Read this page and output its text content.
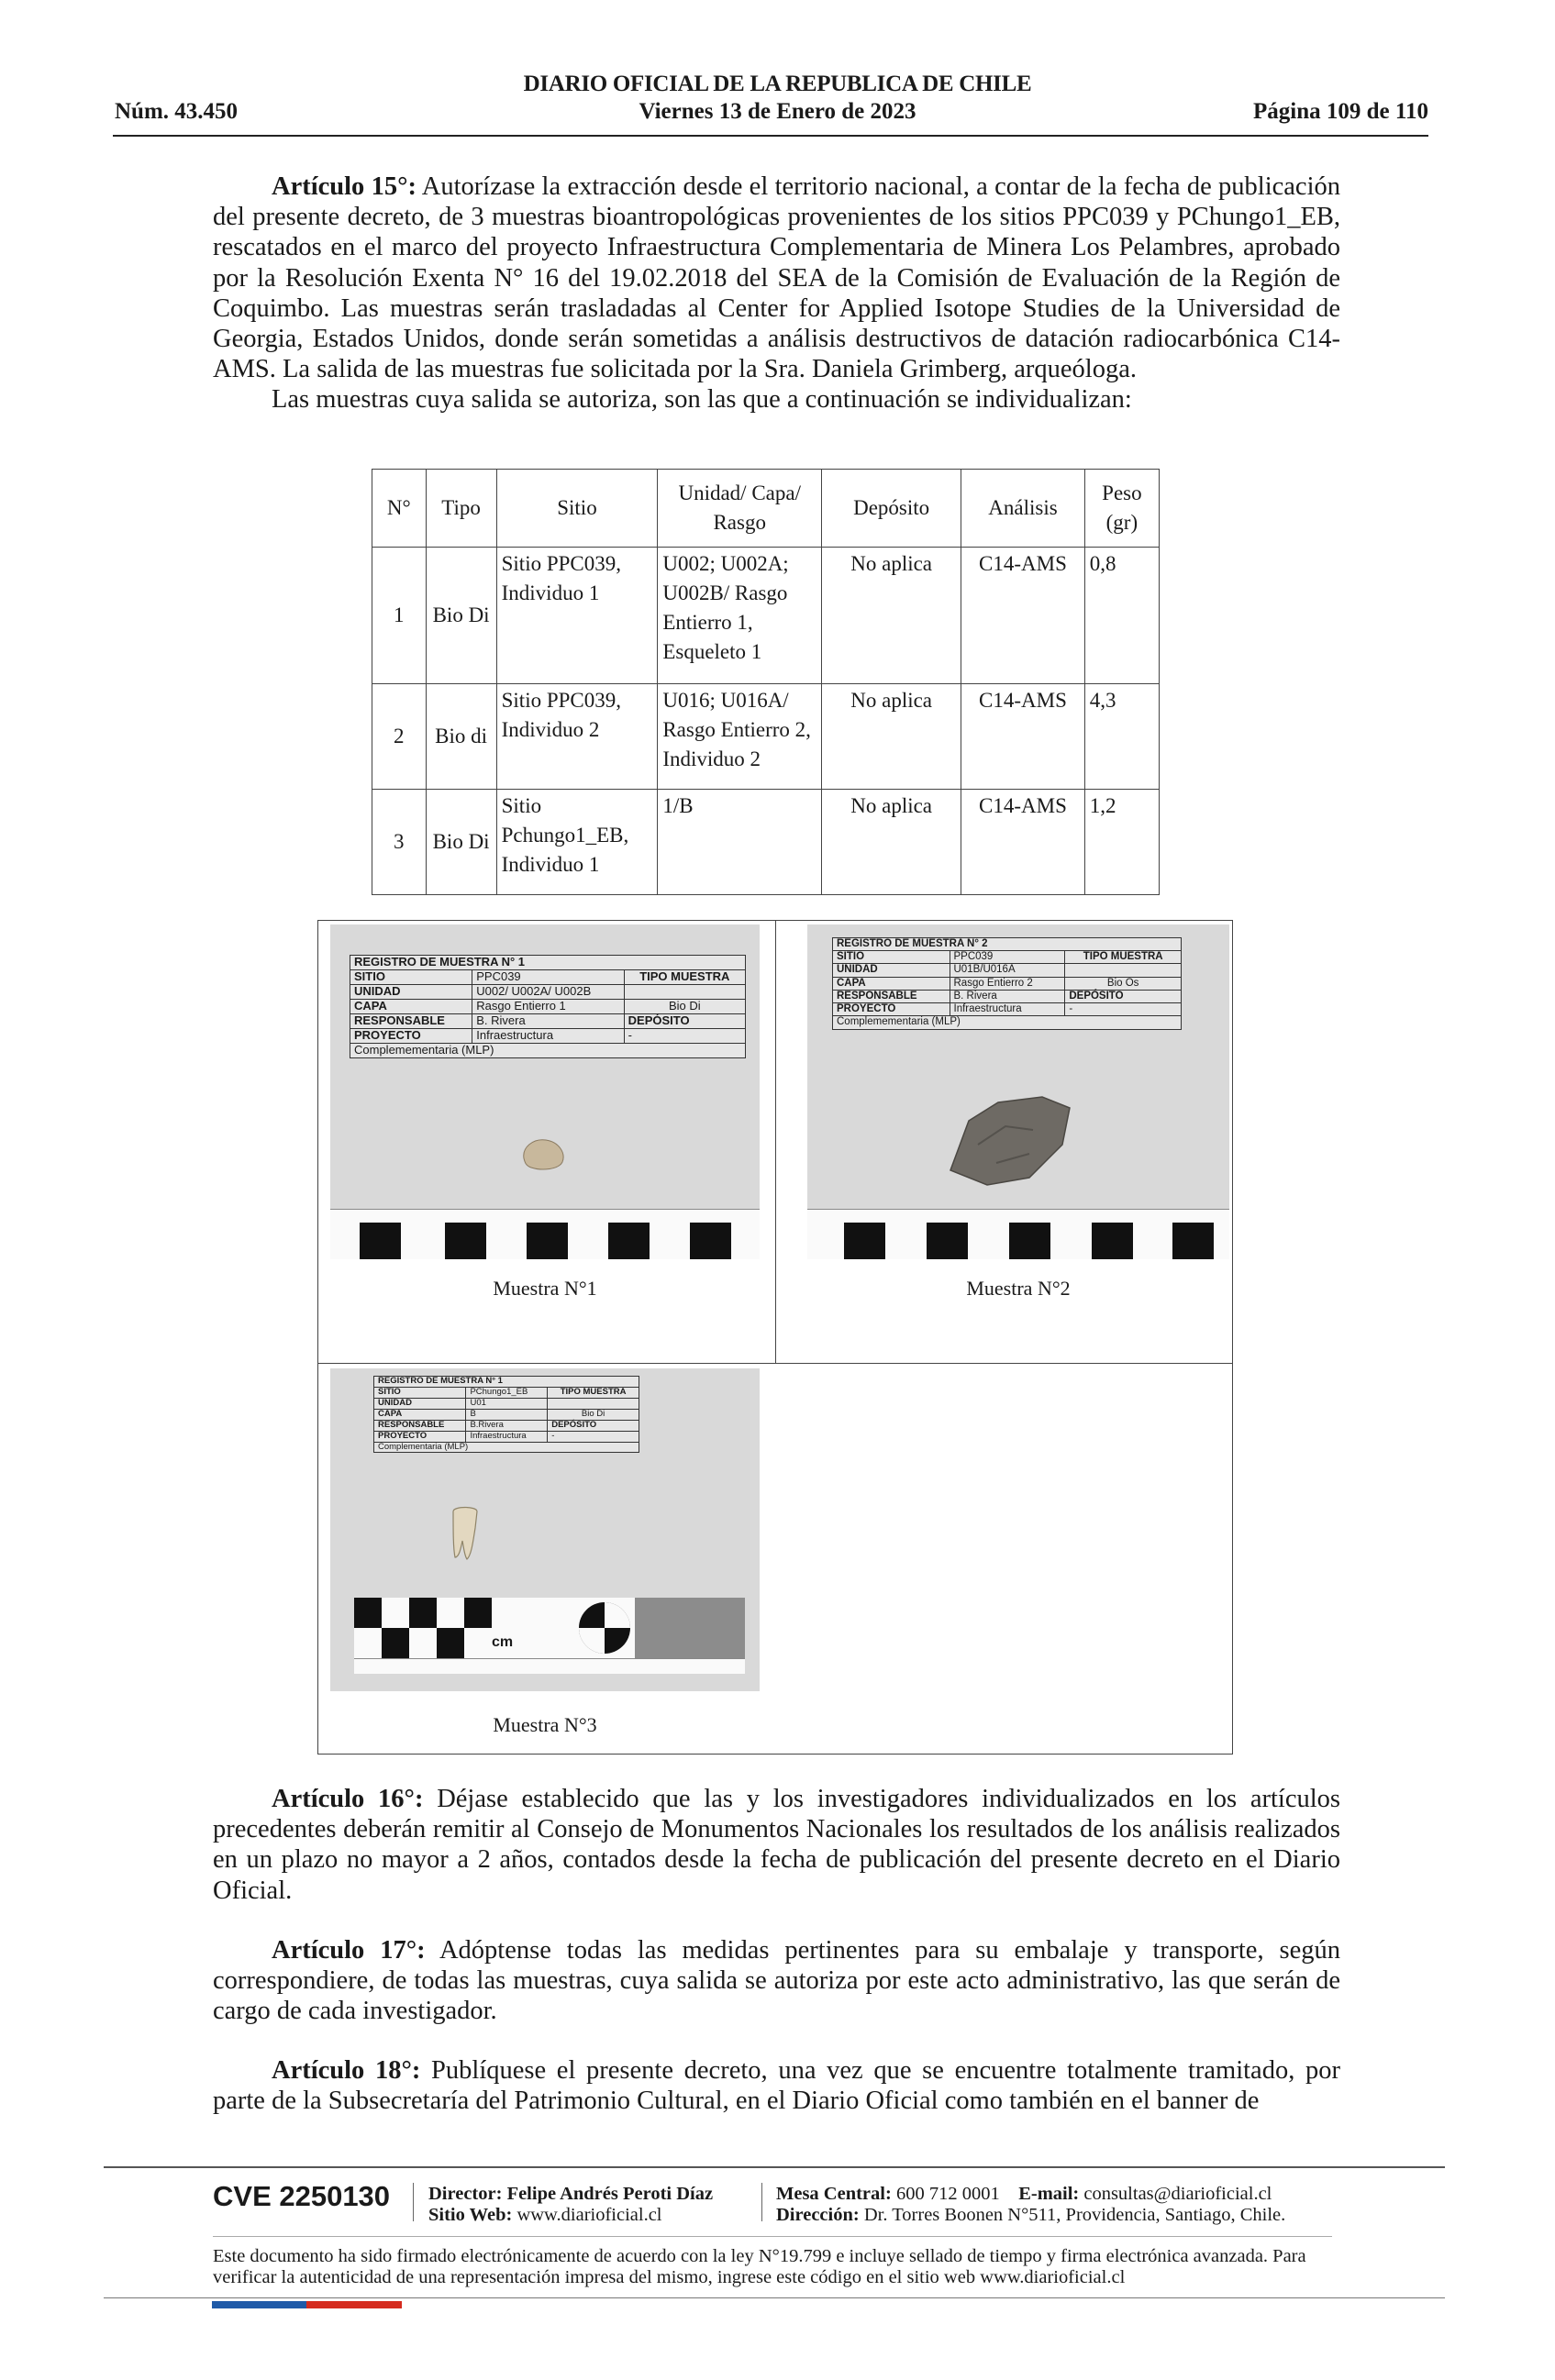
DIARIO OFICIAL DE LA REPUBLICA DE CHILE
Núm. 43.450	Viernes 13 de Enero de 2023	Página 109 de 110

Artículo 15°: Autorízase la extracción desde el territorio nacional, a contar de la fecha de publicación del presente decreto, de 3 muestras bioantropológicas provenientes de los sitios PPC039 y PChungo1_EB, rescatados en el marco del proyecto Infraestructura Complementaria de Minera Los Pelambres, aprobado por la Resolución Exenta N° 16 del 19.02.2018 del SEA de la Comisión de Evaluación de la Región de Coquimbo. Las muestras serán trasladadas al Center for Applied Isotope Studies de la Universidad de Georgia, Estados Unidos, donde serán sometidas a análisis destructivos de datación radiocarbónica C14-AMS. La salida de las muestras fue solicitada por la Sra. Daniela Grimberg, arqueóloga.

Las muestras cuya salida se autoriza, son las que a continuación se individualizan:

N°	Tipo	Sitio	Unidad/ Capa/ Rasgo	Depósito	Análisis	Peso (gr)
1	Bio Di	Sitio PPC039, Individuo 1	U002; U002A; U002B/ Rasgo Entierro 1, Esqueleto 1	No aplica	C14-AMS	0,8
2	Bio di	Sitio PPC039, Individuo 2	U016; U016A/ Rasgo Entierro 2, Individuo 2	No aplica	C14-AMS	4,3
3	Bio Di	Sitio Pchungo1_EB, Individuo 1	1/B	No aplica	C14-AMS	1,2
REGISTRO DE MUESTRA N° 1		
SITIO	PPC039	TIPO MUESTRA
UNIDAD	U002/ U002A/ U002B	
CAPA	Rasgo Entierro 1	Bio Di
RESPONSABLE	B. Rivera	DEPÓSITO
PROYECTO	Infraestructura	-
Complemementaria (MLP)		
Muestra N°1
REGISTRO DE MUESTRA N° 2		
SITIO	PPC039	TIPO MUESTRA
UNIDAD	U01B/U016A	
CAPA	Rasgo Entierro 2	Bio Os
RESPONSABLE	B. Rivera	DEPÓSITO
PROYECTO	Infraestructura	-
Complemementaria (MLP)		
Muestra N°2
REGISTRO DE MUESTRA N° 1		
SITIO	PChungo1_EB	TIPO MUESTRA
UNIDAD	U01	
CAPA	B	Bio Di
RESPONSABLE	B.Rivera	DEPÓSITO
PROYECTO	Infraestructura	-
Complementaria (MLP)		
cm
Muestra N°3

Artículo 16°: Déjase establecido que las y los investigadores individualizados en los artículos precedentes deberán remitir al Consejo de Monumentos Nacionales los resultados de los análisis realizados en un plazo no mayor a 2 años, contados desde la fecha de publicación del presente decreto en el Diario Oficial.

Artículo 17°: Adóptense todas las medidas pertinentes para su embalaje y transporte, según correspondiere, de todas las muestras, cuya salida se autoriza por este acto administrativo, las que serán de cargo de cada investigador.

Artículo 18°: Publíquese el presente decreto, una vez que se encuentre totalmente tramitado, por parte de la Subsecretaría del Patrimonio Cultural, en el Diario Oficial como también en el banner de

CVE 2250130 Director: Felipe Andrés Peroti Díaz
Sitio Web: www.diarioficial.cl
Mesa Central: 600 712 0001 E-mail: consultas@diarioficial.cl
Dirección: Dr. Torres Boonen N°511, Providencia, Santiago, Chile.
Este documento ha sido firmado electrónicamente de acuerdo con la ley N°19.799 e incluye sellado de tiempo y firma electrónica avanzada. Para verificar la autenticidad de una representación impresa del mismo, ingrese este código en el sitio web www.diarioficial.cl
